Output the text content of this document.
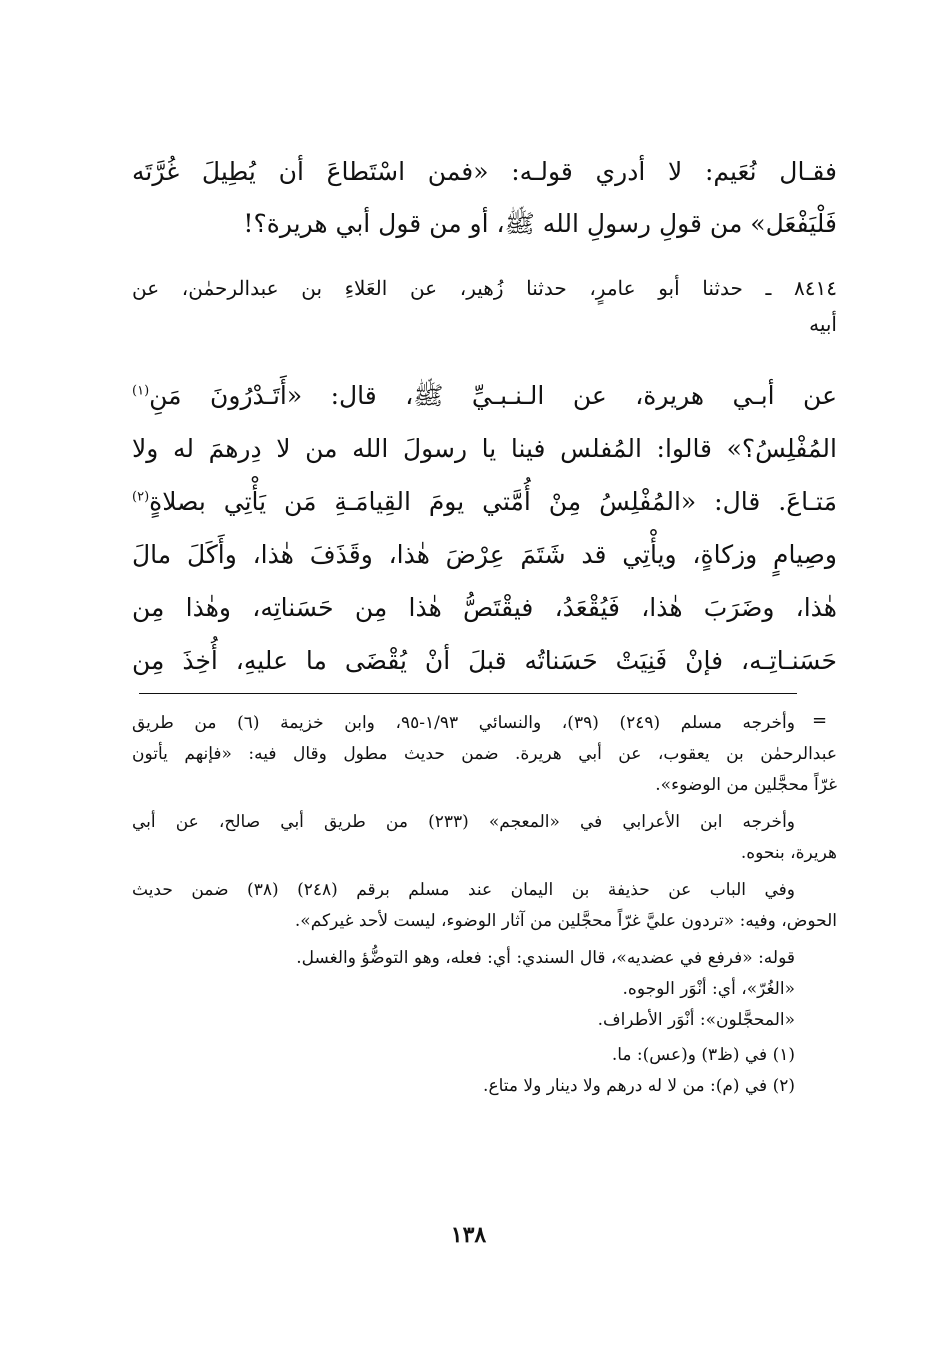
فقـال نُعَيم: لا أدري قولـه: «فمن اسْتَطاعَ أن يُطِيلَ غُرَّتَه
فَلْيَفْعَل» من قولِ رسولِ الله ﷺ، أو من قول أبي هريرة؟!
٨٤١٤ ـ حدثنا أبو عامرٍ، حدثنا زُهير، عن العَلاءِ بن عبدالرحمٰن، عن
أبيه
عن أبـي هريرة، عن الـنـبـيِّ ﷺ، قال: «أَتَـدْرُونَ مَنِ$^{(١)}$
المُفْلِسُ؟» قالوا: المُفلس فينا يا رسولَ الله من لا دِرهمَ له ولا
مَتـاعَ. قال: «المُفْلِسُ مِنْ أُمَّتي يومَ القِيامَـةِ مَن يَأْتِي بصلاةٍ$^{(٢)}$
وصِيامٍ وزكاةٍ، ويأْتِي قد شَتَمَ عِرْضَ هٰذا، وقَذَفَ هٰذا، وأَكَلَ مالَ
هٰذا، وضَرَبَ هٰذا، فَيُقْعَدُ، فيقْتَصُّ هٰذا مِن حَسَناتِه، وهٰذا مِن
حَسَنـاتِـه، فإنْ فَنِيَتْ حَسَناتُه قبلَ أنْ يُقْضَى ما عليهِ، أُخِذَ مِن
=
وأخرجه مسلم (٢٤٩) (٣٩)، والنسائي ١/٩٣-٩٥، وابن خزيمة (٦) من طريق
عبدالرحمٰن بن يعقوب، عن أبي هريرة. ضمن حديث مطول وقال فيه: «فإنهم يأتون
غرّاً محجَّلين من الوضوء».
وأخرجه ابن الأعرابي في «المعجم» (٢٣٣) من طريق أبي صالح، عن أبي
هريرة، بنحوه.
وفي الباب عن حذيفة بن اليمان عند مسلم برقم (٢٤٨) (٣٨) ضمن حديث
الحوض، وفيه: «تردون عليَّ غرّاً محجَّلين من آثار الوضوء، ليست لأحد غيركم».
قوله: «فرفع في عضديه»، قال السندي: أي: فعله، وهو التوضُّؤ والغسل.
«الغُرّ»، أي: أنْوَر الوجوه.
«المحجَّلون»: أنْوَر الأطراف.
(١) في (ظ٣) و(عس): ما.
(٢) في (م): من لا له درهم ولا دينار ولا متاع.
١٣٨
